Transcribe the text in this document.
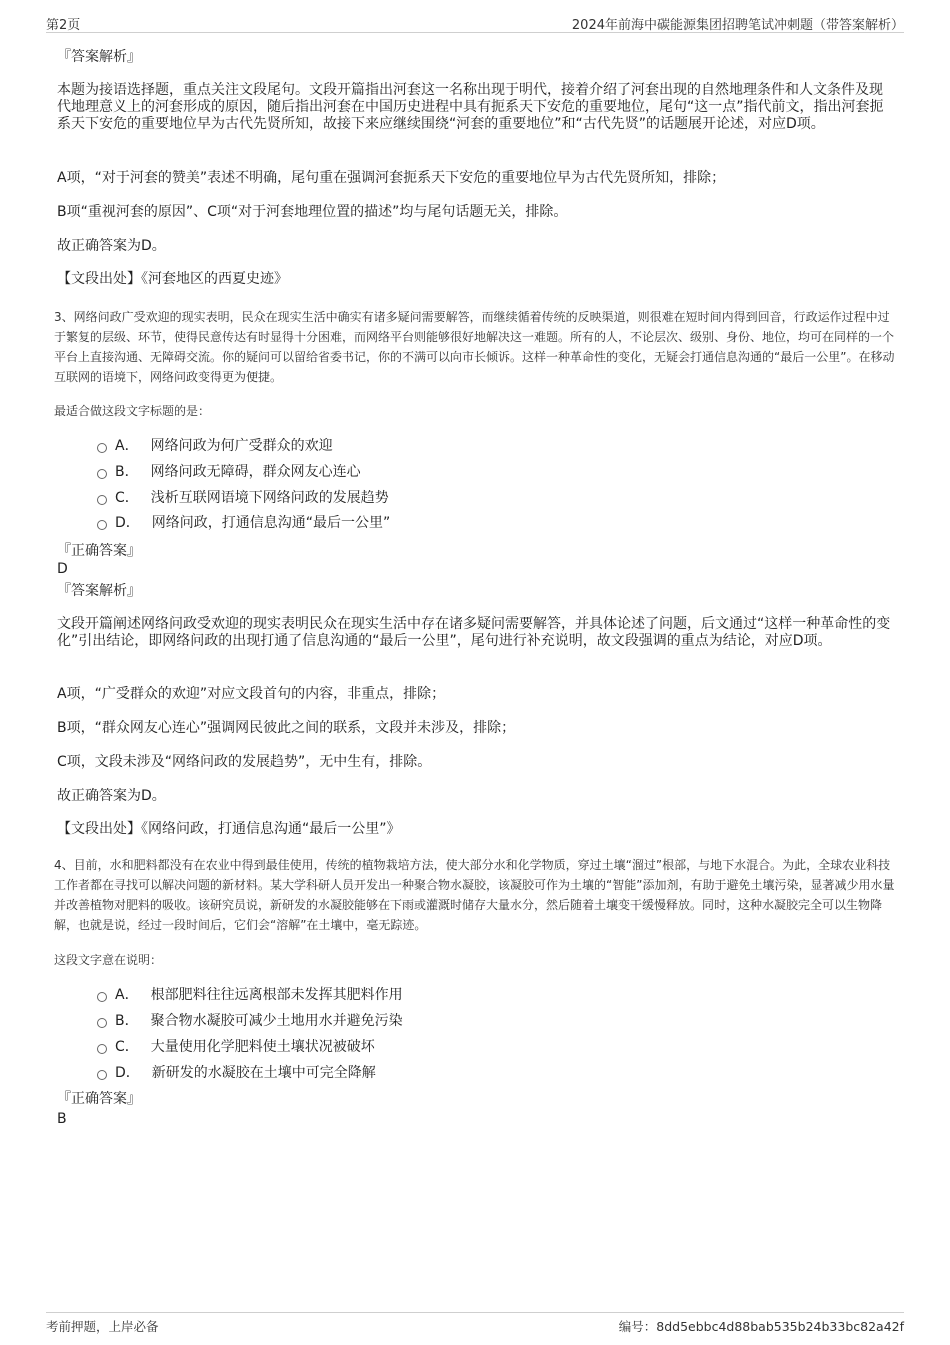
第2页	2024年前海中碳能源集团招聘笔试冲刺题（带答案解析）
『答案解析』
本题为接语选择题，重点关注文段尾句。文段开篇指出河套这一名称出现于明代，接着介绍了河套出现的自然地理条件和人文条件及现代地理意义上的河套形成的原因，随后指出河套在中国历史进程中具有扼系天下安危的重要地位，尾句“这一点”指代前文，指出河套扼系天下安危的重要地位早为古代先贤所知，故接下来应继续围绕“河套的重要地位”和“古代先贤”的话题展开论述，对应D项。
A项，“对于河套的赞美”表述不明确，尾句重在强调河套扼系天下安危的重要地位早为古代先贤所知，排除；
B项“重视河套的原因”、C项“对于河套地理位置的描述”均与尾句话题无关，排除。
故正确答案为D。
【文段出处】《河套地区的西夏史迹》
3、网络问政广受欢迎的现实表明，民众在现实生活中确实有诸多疑问需要解答，而继续循着传统的反映渠道，则很难在短时间内得到回音，行政运作过程中过于繁复的层级、环节，使得民意传达有时显得十分困难，而网络平台则能够很好地解决这一难题。所有的人，不论层次、级别、身份、地位，均可在同样的一个平台上直接沟通、无障碍交流。你的疑问可以留给省委书记，你的不满可以向市长倾诉。这样一种革命性的变化，无疑会打通信息沟通的“最后一公里”。在移动互联网的语境下，网络问政变得更为便捷。
最适合做这段文字标题的是：
A． 网络问政为何广受群众的欢迎
B． 网络问政无障碍，群众网友心连心
C． 浅析互联网语境下网络问政的发展趋势
D． 网络问政，打通信息沟通“最后一公里”
『正确答案』
D
『答案解析』
文段开篇阐述网络问政受欢迎的现实表明民众在现实生活中存在诸多疑问需要解答，并具体论述了问题，后文通过“这样一种革命性的变化”引出结论，即网络问政的出现打通了信息沟通的“最后一公里”，尾句进行补充说明，故文段强调的重点为结论，对应D项。
A项，“广受群众的欢迎”对应文段首句的内容，非重点，排除；
B项，“群众网友心连心”强调网民彼此之间的联系，文段并未涉及，排除；
C项，文段未涉及“网络问政的发展趋势”，无中生有，排除。
故正确答案为D。
【文段出处】《网络问政，打通信息沟通“最后一公里”》
4、目前，水和肥料都没有在农业中得到最佳使用，传统的植物栽培方法，使大部分水和化学物质，穿过土壤“溜过”根部，与地下水混合。为此，全球农业科技工作者都在寻找可以解决问题的新材料。某大学科研人员开发出一种聚合物水凝胶，该凝胶可作为土壤的“智能”添加剂，有助于避免土壤污染，显著减少用水量并改善植物对肥料的吸收。该研究员说，新研发的水凝胶能够在下雨或灌溉时储存大量水分，然后随着土壤变干缓慢释放。同时，这种水凝胶完全可以生物降解，也就是说，经过一段时间后，它们会“溶解”在土壤中，毫无踪迹。
这段文字意在说明：
A． 根部肥料往往远离根部未发挥其肥料作用
B． 聚合物水凝胶可减少土地用水并避免污染
C． 大量使用化学肥料使土壤状况被破坏
D． 新研发的水凝胶在土壤中可完全降解
『正确答案』
B
考前押题，上岸必备	编号：8dd5ebbc4d88bab535b24b33bc82a42f
